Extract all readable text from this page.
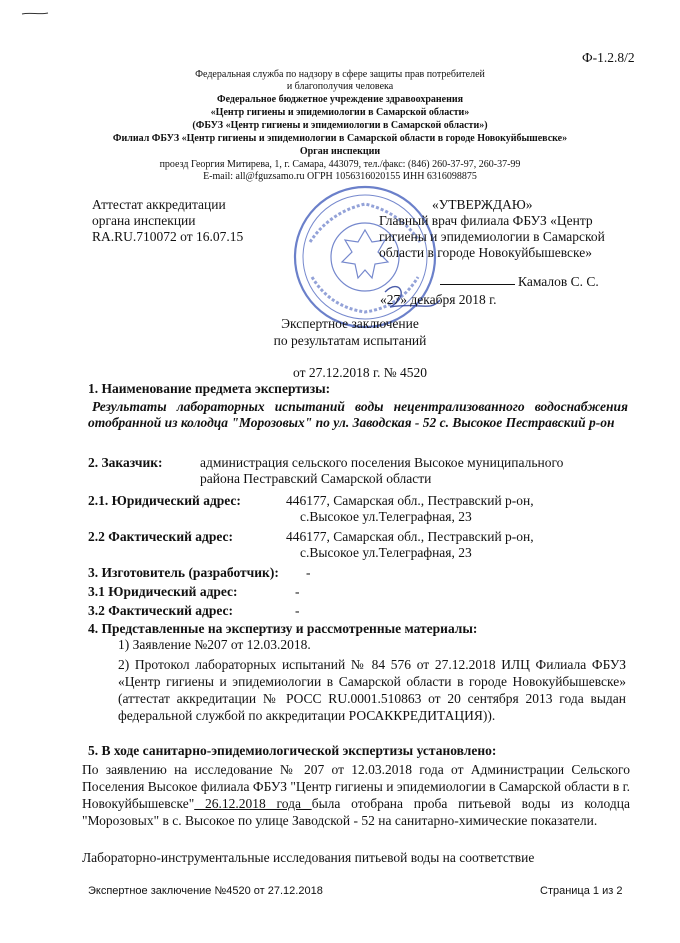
Ф-1.2.8/2
Федеральная служба по надзору в сфере защиты прав потребителей
и благополучия человека
Федеральное бюджетное учреждение здравоохранения
«Центр гигиены и эпидемиологии в Самарской области»
(ФБУЗ «Центр гигиены и эпидемиологии в Самарской области»)
Филиал ФБУЗ «Центр гигиены и эпидемиологии в Самарской области в городе Новокуйбышевске»
Орган инспекции
проезд Георгия Митирева, 1, г. Самара, 443079, тел./факс: (846) 260-37-97, 260-37-99
E-mail: all@fguzsamo.ru ОГРН 1056316020155 ИНН 6316098875
Аттестат аккредитации
органа инспекции
RA.RU.710072 от 16.07.15
«УТВЕРЖДАЮ»
Главный врач филиала ФБУЗ «Центр
гигиены и эпидемиологии в Самарской
области в городе Новокуйбышевске»
Камалов С. С.
«27» декабря 2018 г.
Экспертное заключение
по результатам испытаний
от 27.12.2018 г. № 4520
1. Наименование предмета экспертизы:
Результаты лабораторных испытаний воды нецентрализованного водоснабжения отобранной из колодца "Морозовых" по ул. Заводская - 52 с. Высокое Пестравский р-он
2. Заказчик:	администрация сельского поселения Высокое муниципального
района Пестравский Самарской области
2.1. Юридический адрес:	446177, Самарская обл., Пестравский р-он,
с.Высокое ул.Телеграфная, 23
2.2 Фактический адрес:	446177, Самарская обл., Пестравский р-он,
с.Высокое ул.Телеграфная, 23
3. Изготовитель (разработчик): -
3.1 Юридический адрес:	-
3.2 Фактический адрес:	-
4. Представленные на экспертизу и рассмотренные материалы:
1) Заявление №207 от 12.03.2018.
2) Протокол лабораторных испытаний № 84 576 от 27.12.2018 ИЛЦ Филиала ФБУЗ «Центр гигиены и эпидемиологии в Самарской области в городе Новокуйбышевске» (аттестат аккредитации № РОСС RU.0001.510863 от 20 сентября 2013 года выдан федеральной службой по аккредитации РОСАККРЕДИТАЦИЯ)).
5. В ходе санитарно-эпидемиологической экспертизы установлено:
По заявлению на исследование № 207 от 12.03.2018 года от Администрации Сельского Поселения Высокое филиала ФБУЗ "Центр гигиены и эпидемиологии в Самарской области в г. Новокуйбышевске" 26.12.2018 года была отобрана проба питьевой воды из колодца "Морозовых" в с. Высокое по улице Заводской - 52 на санитарно-химические показатели.
Лабораторно-инструментальные исследования питьевой воды на соответствие
Экспертное заключение №4520 от 27.12.2018	Страница 1 из 2
